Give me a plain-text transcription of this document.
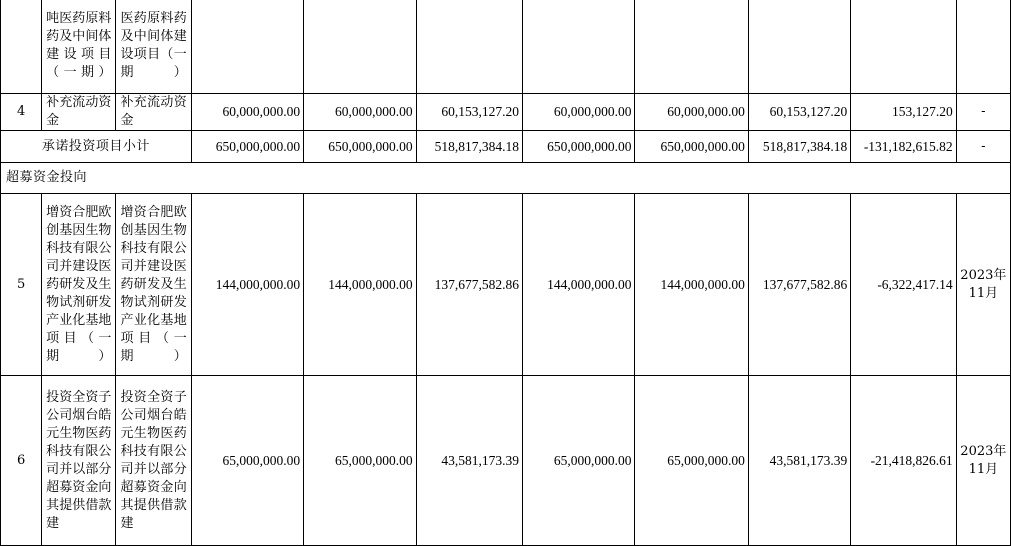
	吨医药原料药及中间体建设项目（一期）	医药原料药及中间体建设项目（一期）								
4	补充流动资金	补充流动资金	60,000,000.00	60,000,000.00	60,153,127.20	60,000,000.00	60,000,000.00	60,153,127.20	153,127.20	-
承诺投资项目小计			650,000,000.00	650,000,000.00	518,817,384.18	650,000,000.00	650,000,000.00	518,817,384.18	-131,182,615.82	-
超募资金投向										
5	增资合肥欧创基因生物科技有限公司并建设医药研发及生物试剂研发产业化基地项目（一期）	增资合肥欧创基因生物科技有限公司并建设医药研发及生物试剂研发产业化基地项目（一期）	144,000,000.00	144,000,000.00	137,677,582.86	144,000,000.00	144,000,000.00	137,677,582.86	-6,322,417.14	2023年11月
6	投资全资子公司烟台皓元生物医药科技有限公司并以部分超募资金向其提供借款建	投资全资子公司烟台皓元生物医药科技有限公司并以部分超募资金向其提供借款建	65,000,000.00	65,000,000.00	43,581,173.39	65,000,000.00	65,000,000.00	43,581,173.39	-21,418,826.61	2023年11月
